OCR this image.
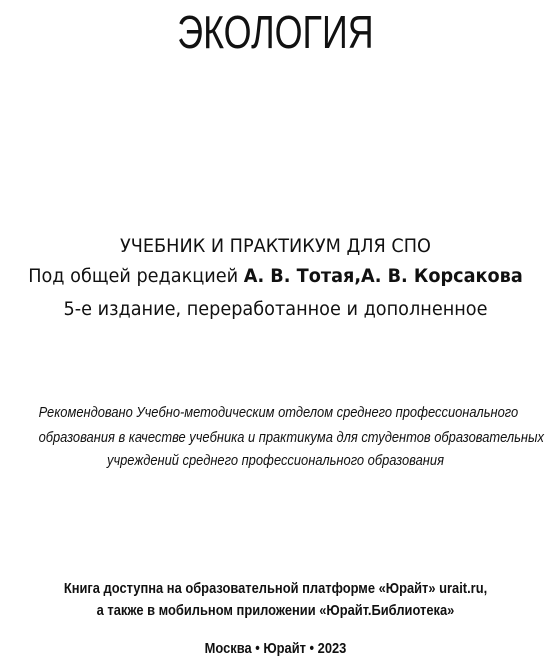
ЭКОЛОГИЯ
УЧЕБНИК И ПРАКТИКУМ ДЛЯ СПО
Под общей редакцией А. В. Тотая,А. В. Корсакова
5-е издание, переработанное и дополненное
Рекомендовано Учебно-методическим отделом среднего профессионального
образования в качестве учебника и практикума для студентов образовательных
учреждений среднего профессионального образования
Книга доступна на образовательной платформе «Юрайт» urait.ru,
а также в мобильном приложении «Юрайт.Библиотека»
Москва • Юрайт • 2023
